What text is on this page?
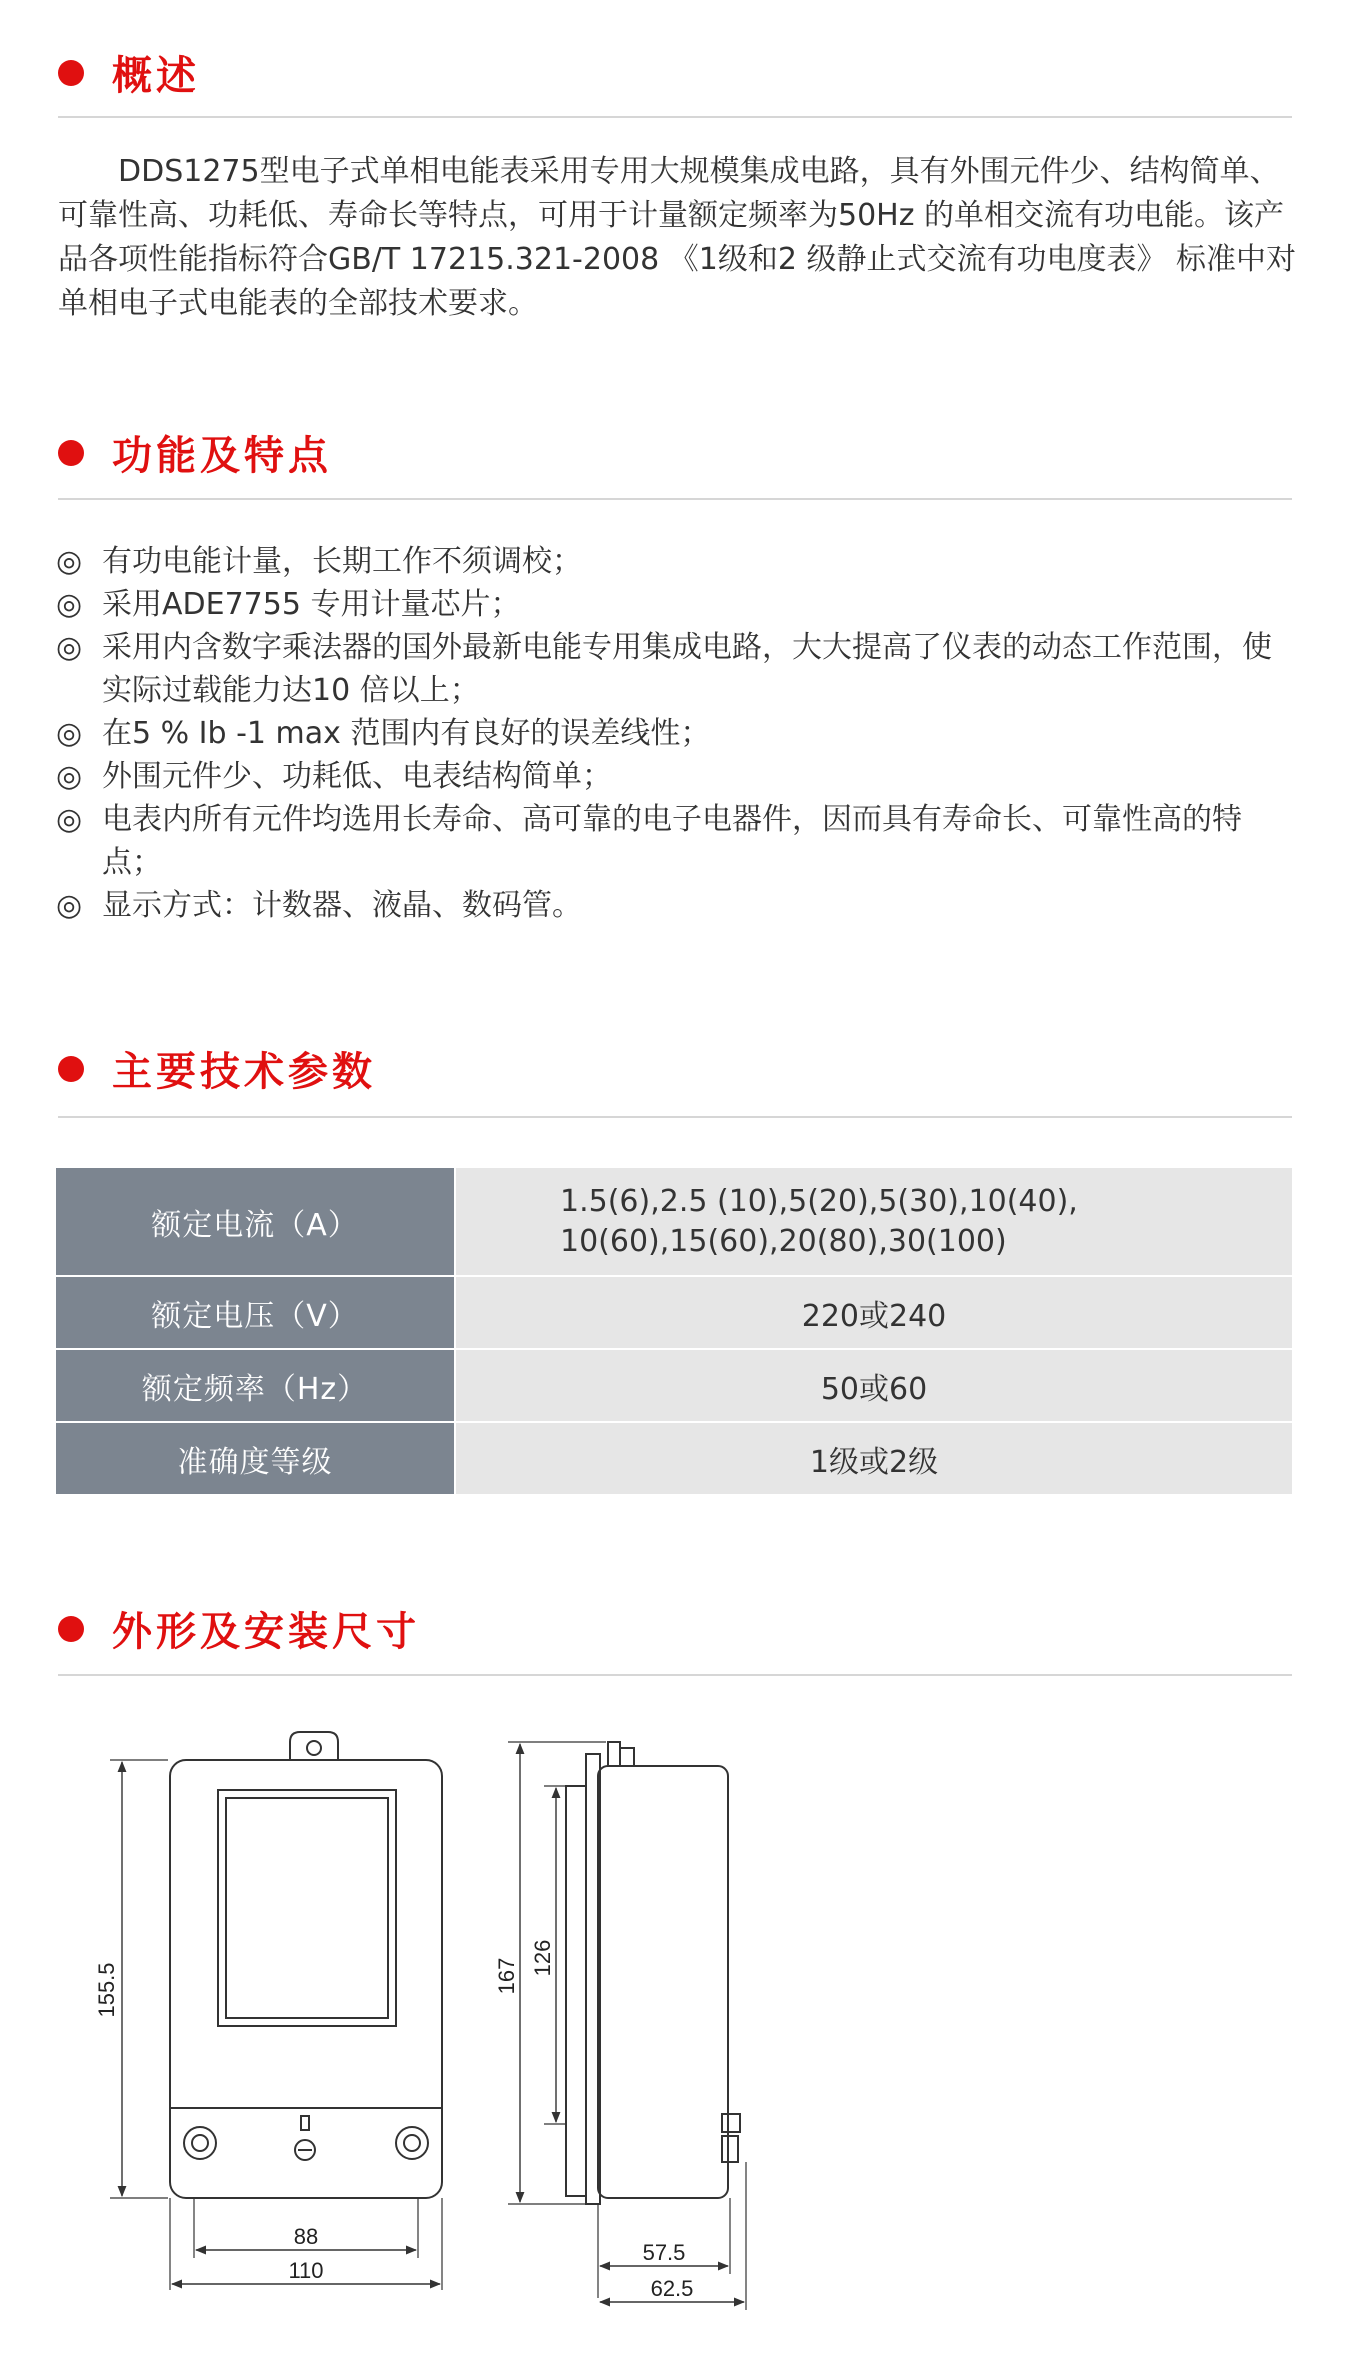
概述

DDS1275型电子式单相电能表采用专用大规模集成电路，具有外围元件少、结构简单、可靠性高、功耗低、寿命长等特点，可用于计量额定频率为50Hz 的单相交流有功电能。该产品各项性能指标符合GB/T 17215.321-2008 《1级和2 级静止式交流有功电度表》 标准中对单相电子式电能表的全部技术要求。

功能及特点
◎ 有功电能计量，长期工作不须调校；
◎ 采用ADE7755 专用计量芯片；
◎ 采用内含数字乘法器的国外最新电能专用集成电路，大大提高了仪表的动态工作范围，使实际过载能力达10 倍以上；
◎ 在5 % Ib -1 max 范围内有良好的误差线性；
◎ 外围元件少、功耗低、电表结构简单；
◎ 电表内所有元件均选用长寿命、高可靠的电子电器件，因而具有寿命长、可靠性高的特点；
◎ 显示方式：计数器、液晶、数码管。
主要技术参数
额定电流（A）	1.5(6),2.5 (10),5(20),5(30),10(40),
10(60),15(60),20(80),30(100)

额定电压（V）	220或240
额定频率（Hz）	50或60
准确度等级	1级或2级
外形及安装尺寸
155.5
88
110
167 126
57.5
62.5
